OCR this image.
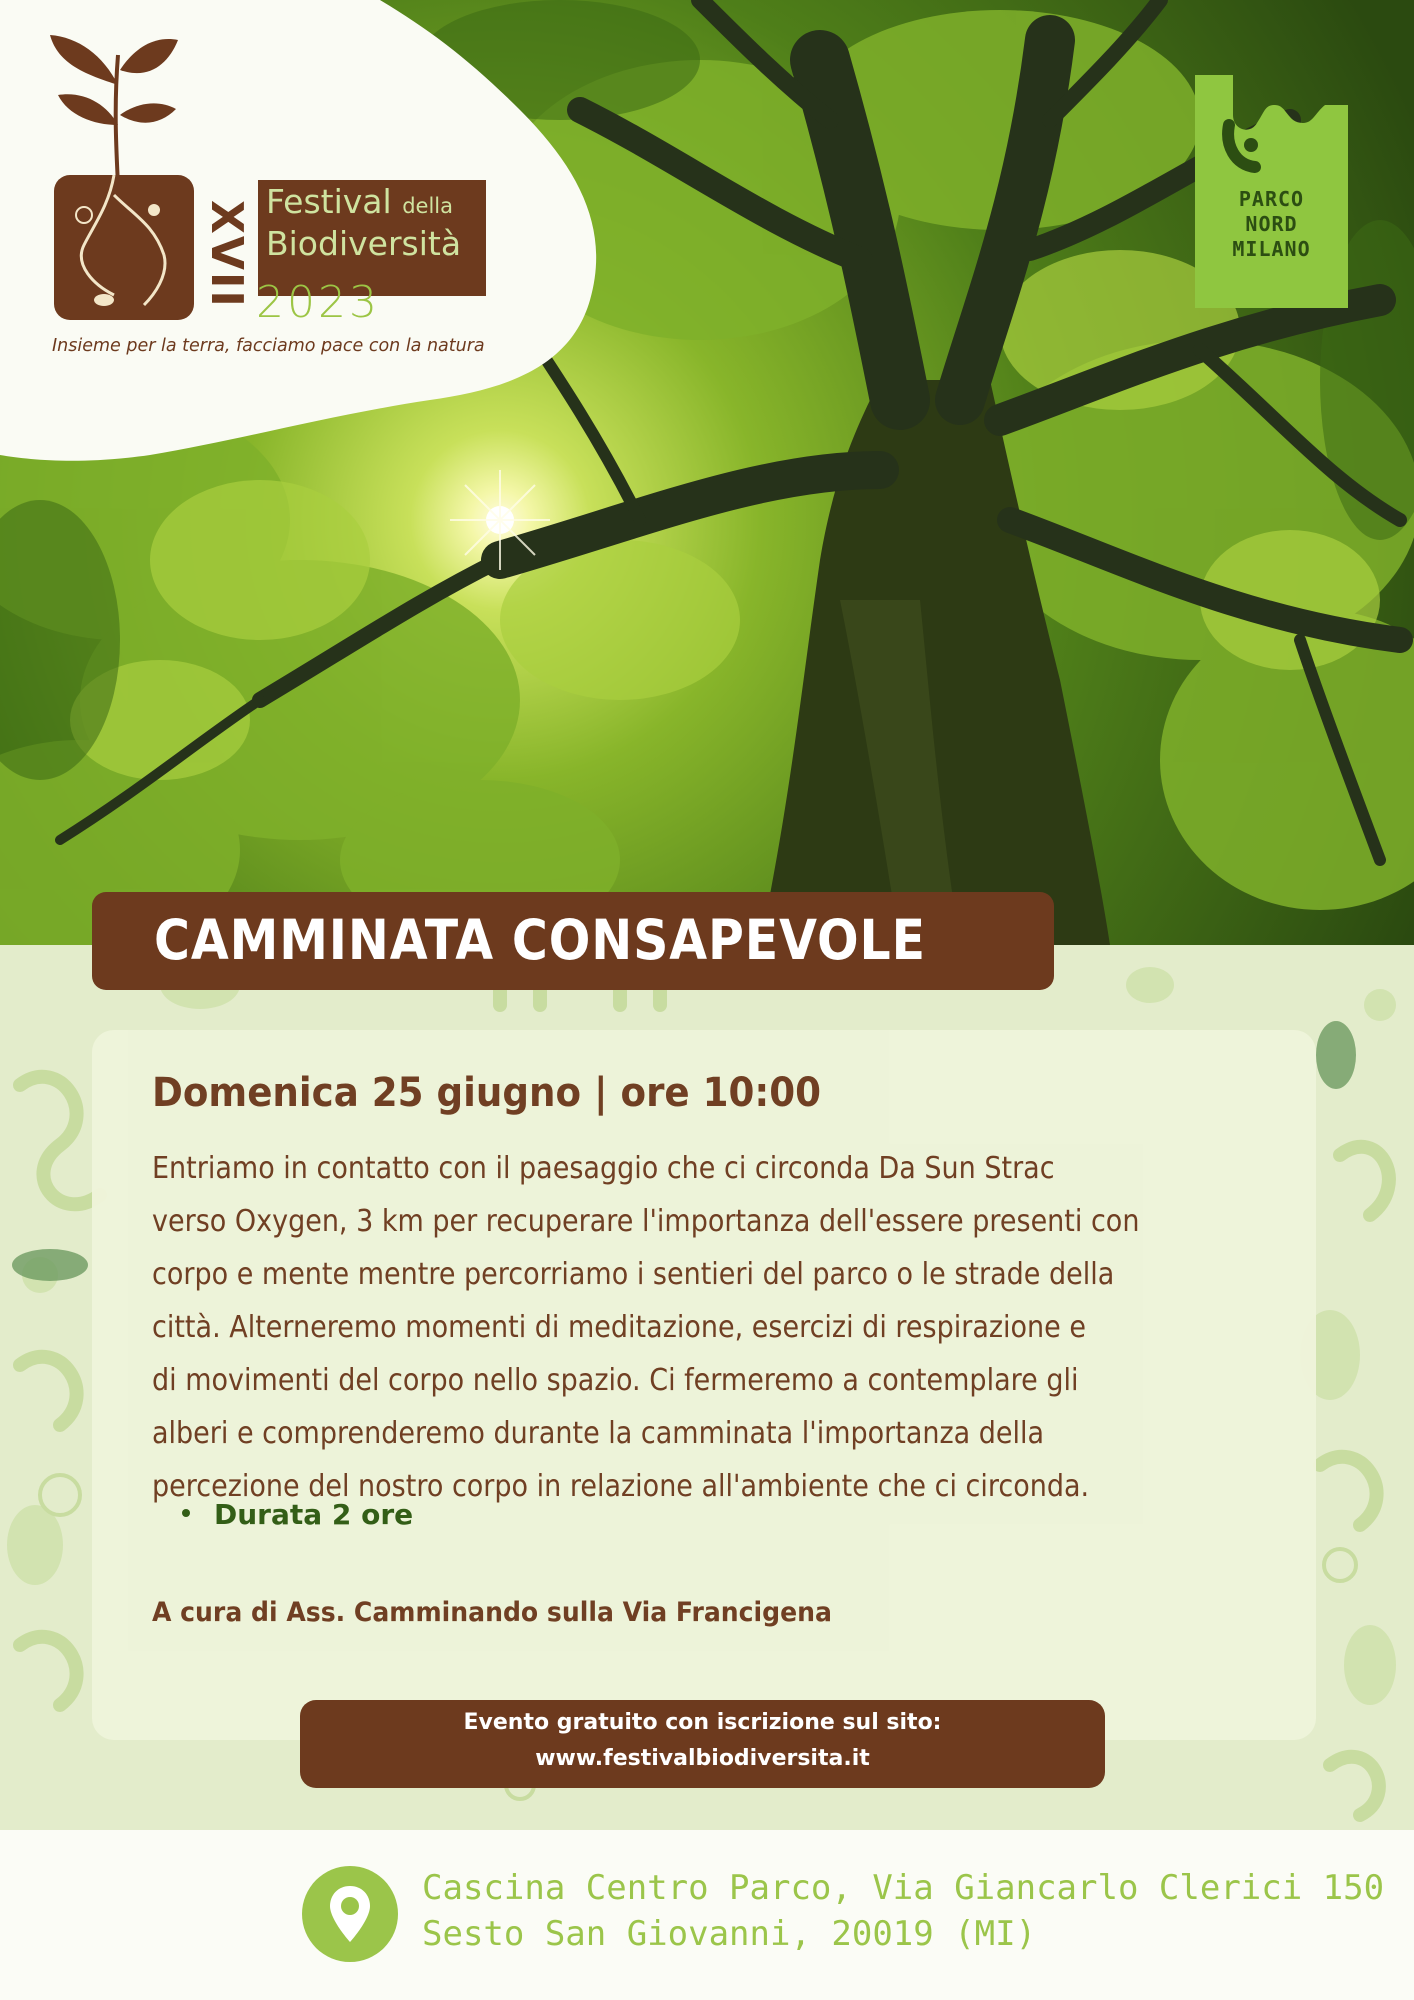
XVII Festival della
Biodiversità
2023
Insieme per la terra, facciamo pace con la natura
PARCO
NORD
MILANO
CAMMINATA CONSAPEVOLE
Domenica 25 giugno | ore 10:00

Entriamo in contatto con il paesaggio che ci circonda Da Sun Strac

verso Oxygen, 3 km per recuperare l'importanza dell'essere presenti con

corpo e mente mentre percorriamo i sentieri del parco o le strade della

città. Alterneremo momenti di meditazione, esercizi di respirazione e

di movimenti del corpo nello spazio. Ci fermeremo a contemplare gli

alberi e comprenderemo durante la camminata l'importanza della

percezione del nostro corpo in relazione all'ambiente che ci circonda.

Durata 2 ore
A cura di Ass. Camminando sulla Via Francigena
Evento gratuito con iscrizione sul sito:
www.festivalbiodiversita.it
Cascina Centro Parco, Via Giancarlo Clerici 150
Sesto San Giovanni, 20019 (MI)
